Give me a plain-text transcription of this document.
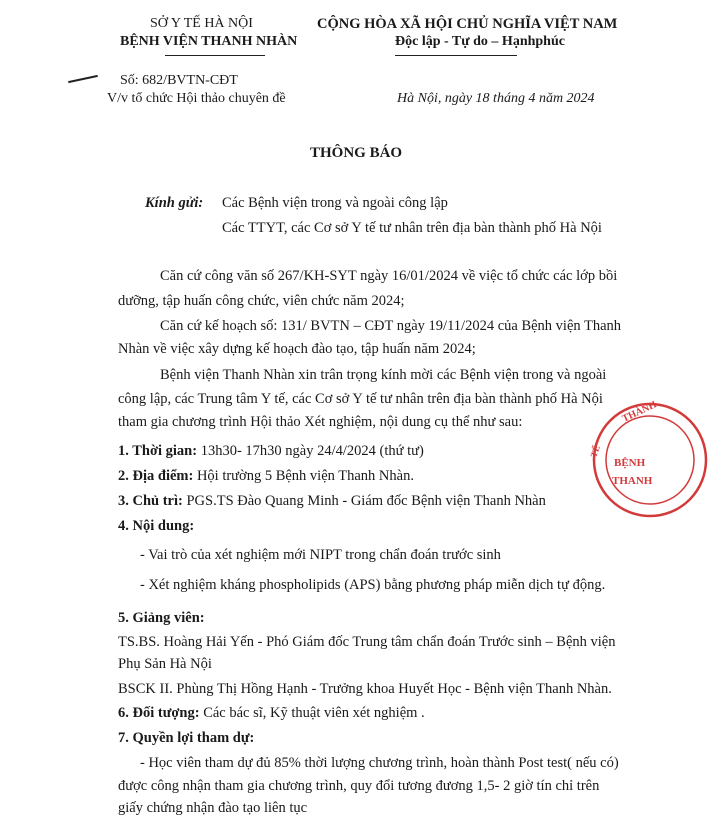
SỞ Y TẾ HÀ NỘI
BỆNH VIỆN THANH NHÀN
CỘNG HÒA XÃ HỘI CHỦ NGHĨA VIỆT NAM
Độc lập - Tự do – Hạnhphúc
Số: 682/BVTN-CĐT
V/v tổ chức Hội thảo chuyên đề	Hà Nội, ngày 18 tháng 4 năm 2024
THÔNG BÁO
Kính gửi: Các Bệnh viện trong và ngoài công lập
Các TTYT, các Cơ sở Y tế tư nhân trên địa bàn thành phố Hà Nội
Căn cứ công văn số 267/KH-SYT ngày 16/01/2024 về việc tổ chức các lớp bồi
dưỡng, tập huấn công chức, viên chức năm 2024;
Căn cứ kế hoạch số: 131/ BVTN – CĐT ngày 19/11/2024 của Bệnh viện Thanh
Nhàn về việc xây dựng kế hoạch đào tạo, tập huấn năm 2024;
Bệnh viện Thanh Nhàn xin trân trọng kính mời các Bệnh viện trong và ngoài
công lập, các Trung tâm Y tế, các Cơ sở Y tế tư nhân trên địa bàn thành phố Hà Nội
tham gia chương trình Hội thảo Xét nghiệm, nội dung cụ thể như sau:
1. Thời gian: 13h30- 17h30 ngày 24/4/2024 (thứ tư)
2. Địa điểm: Hội trường 5 Bệnh viện Thanh Nhàn.
3. Chủ trì: PGS.TS Đào Quang Minh - Giám đốc Bệnh viện Thanh Nhàn
4. Nội dung:
- Vai trò của xét nghiệm mới NIPT trong chẩn đoán trước sinh
- Xét nghiệm kháng phospholipids (APS) bằng phương pháp miễn dịch tự động.
5. Giảng viên:
TS.BS. Hoàng Hải Yến - Phó Giám đốc Trung tâm chẩn đoán Trước sinh – Bệnh viện
Phụ Sản Hà Nội
BSCK II. Phùng Thị Hồng Hạnh - Trưởng khoa Huyết Học - Bệnh viện Thanh Nhàn.
6. Đối tượng: Các bác sĩ, Kỹ thuật viên xét nghiệm .
7. Quyền lợi tham dự:
- Học viên tham dự đủ 85% thời lượng chương trình, hoàn thành Post test( nếu có)
được công nhận tham gia chương trình, quy đổi tương đương 1,5- 2 giờ tín chỉ trên
giấy chứng nhận đào tạo liên tục
THÀNH
TẾ
BỆNH
THANH
